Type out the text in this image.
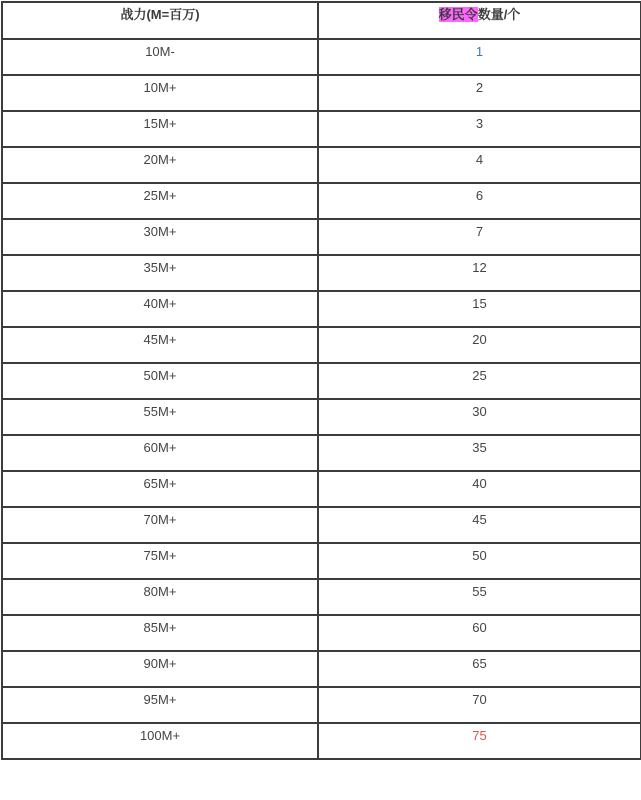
战力(M=百万)	移民令数量/个
10M-	1
10M+	2
15M+	3
20M+	4
25M+	6
30M+	7
35M+	12
40M+	15
45M+	20
50M+	25
55M+	30
60M+	35
65M+	40
70M+	45
75M+	50
80M+	55
85M+	60
90M+	65
95M+	70
100M+	75
